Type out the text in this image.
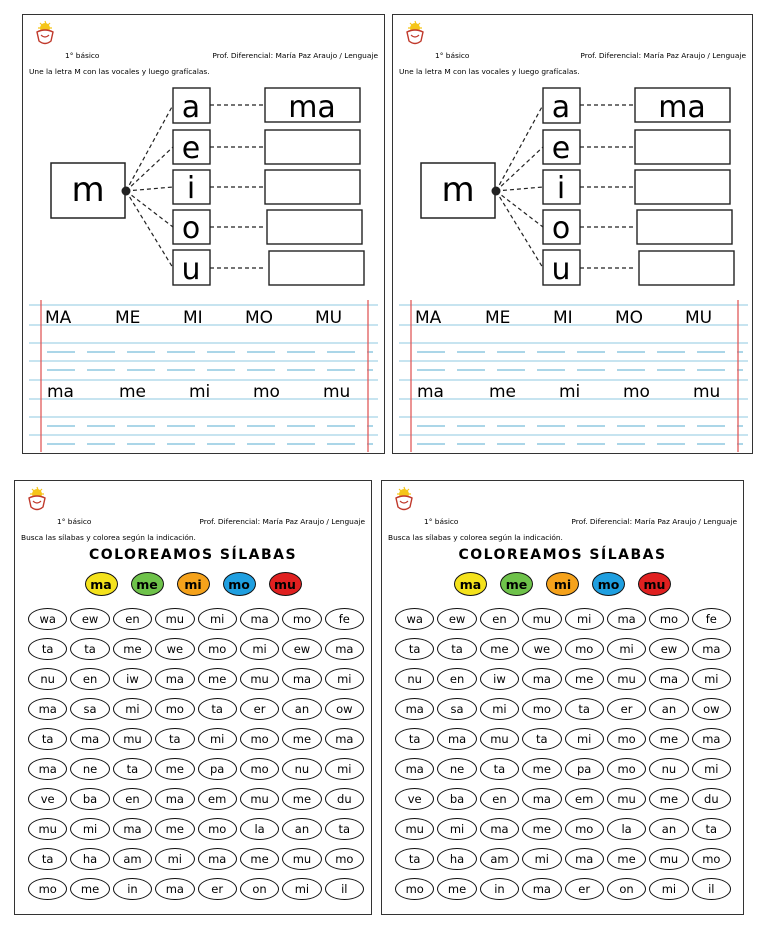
1° básico	Prof. Diferencial: María Paz Araujo / Lenguaje
Une la letra M con las vocales y luego grafícalas.
m
a
e
i
o
u
ma
MA	ME	MI MO MU
ma	me	mi	mo	mu
1° básico	Prof. Diferencial: María Paz Araujo / Lenguaje
Une la letra M con las vocales y luego grafícalas.
m
a
e
i
o
u
ma
MA	ME	MI MO MU
ma	me	mi	mo	mu
1° básico	Prof. Diferencial: María Paz Araujo / Lenguaje
Busca las sílabas y colorea según la indicación.
COLOREAMOS SÍLABAS
ma	me	mi	mo	mu
wa	ew	en	mu	mi	ma	mo	fe
ta	ta	me	we	mo	mi	ew	ma
nu	en	iw	ma	me	mu	ma	mi
ma	sa	mi	mo	ta	er	an	ow
ta	ma	mu	ta	mi	mo	me	ma
ma	ne	ta	me	pa	mo	nu	mi
ve	ba	en	ma	em	mu	me	du
mu	mi	ma	me	mo	la	an	ta
ta	ha	am	mi	ma	me	mu	mo
mo	me	in	ma	er	on	mi	il
1° básico	Prof. Diferencial: María Paz Araujo / Lenguaje
Busca las sílabas y colorea según la indicación.
COLOREAMOS SÍLABAS
ma	me	mi	mo	mu
wa	ew	en	mu	mi	ma	mo	fe
ta	ta	me	we	mo	mi	ew	ma
nu	en	iw	ma	me	mu	ma	mi
ma	sa	mi	mo	ta	er	an	ow
ta	ma	mu	ta	mi	mo	me	ma
ma	ne	ta	me	pa	mo	nu	mi
ve	ba	en	ma	em	mu	me	du
mu	mi	ma	me	mo	la	an	ta
ta	ha	am	mi	ma	me	mu	mo
mo	me	in	ma	er	on	mi	il
